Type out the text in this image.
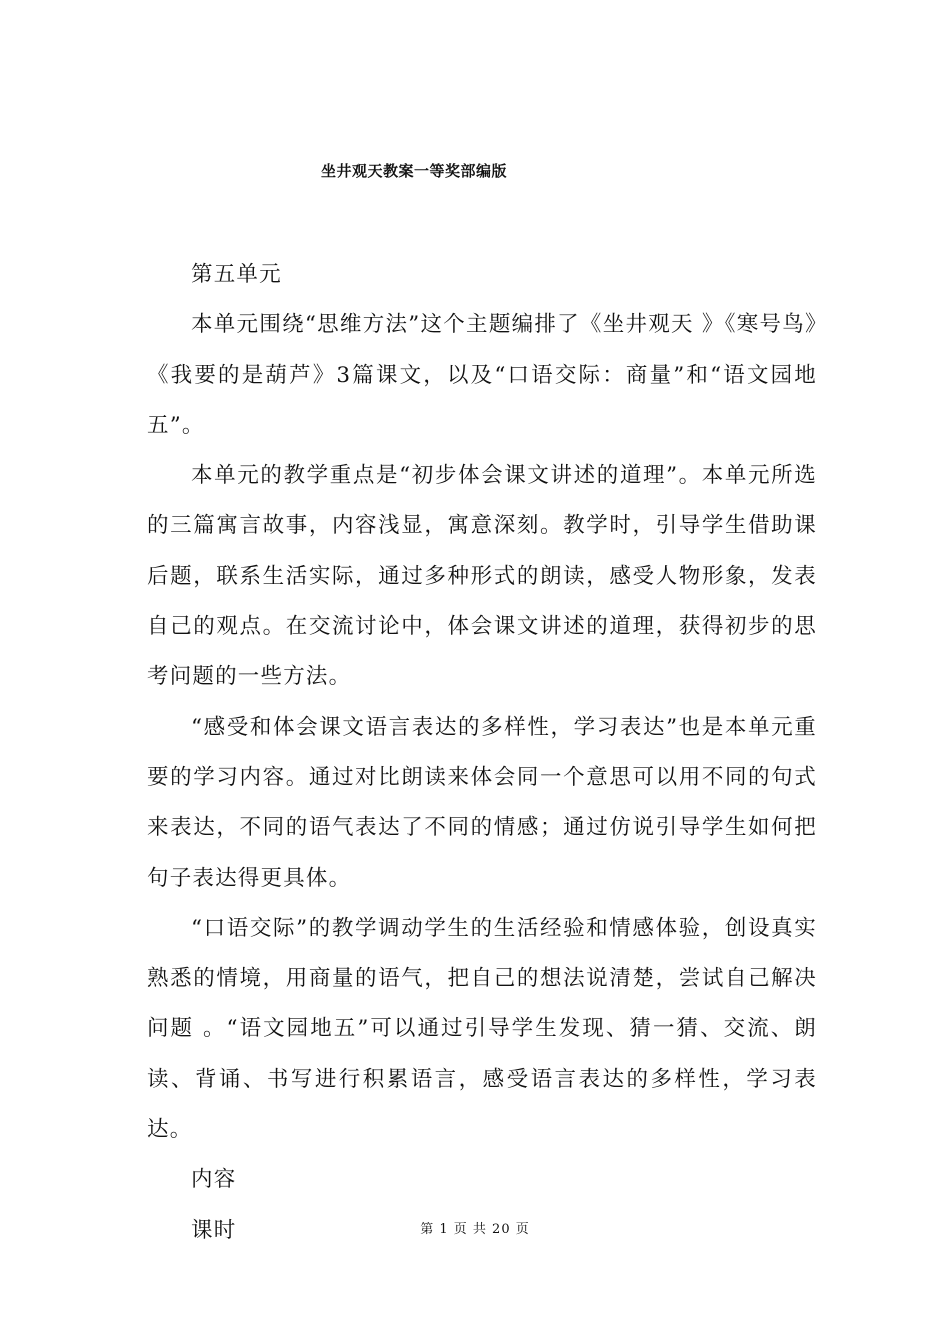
坐井观天教案一等奖部编版

第五单元

本单元围绕“思维方法”这个主题编排了《坐井观天 》《寒号鸟》《我要的是葫芦》3篇课文，以及“口语交际：商量”和“语文园地五”。

本单元的教学重点是“初步体会课文讲述的道理”。本单元所选的三篇寓言故事，内容浅显，寓意深刻。教学时，引导学生借助课后题，联系生活实际，通过多种形式的朗读，感受人物形象，发表自己的观点。在交流讨论中，体会课文讲述的道理，获得初步的思考问题的一些方法。

“感受和体会课文语言表达的多样性，学习表达”也是本单元重要的学习内容。通过对比朗读来体会同一个意思可以用不同的句式来表达，不同的语气表达了不同的情感；通过仿说引导学生如何把句子表达得更具体。

“口语交际”的教学调动学生的生活经验和情感体验，创设真实熟悉的情境，用商量的语气，把自己的想法说清楚，尝试自己解决问题 。“语文园地五”可以通过引导学生发现、猜一猜、交流、朗读、背诵、书写进行积累语言，感受语言表达的多样性，学习表达。

内容

课时	第 1 页 共 20 页
